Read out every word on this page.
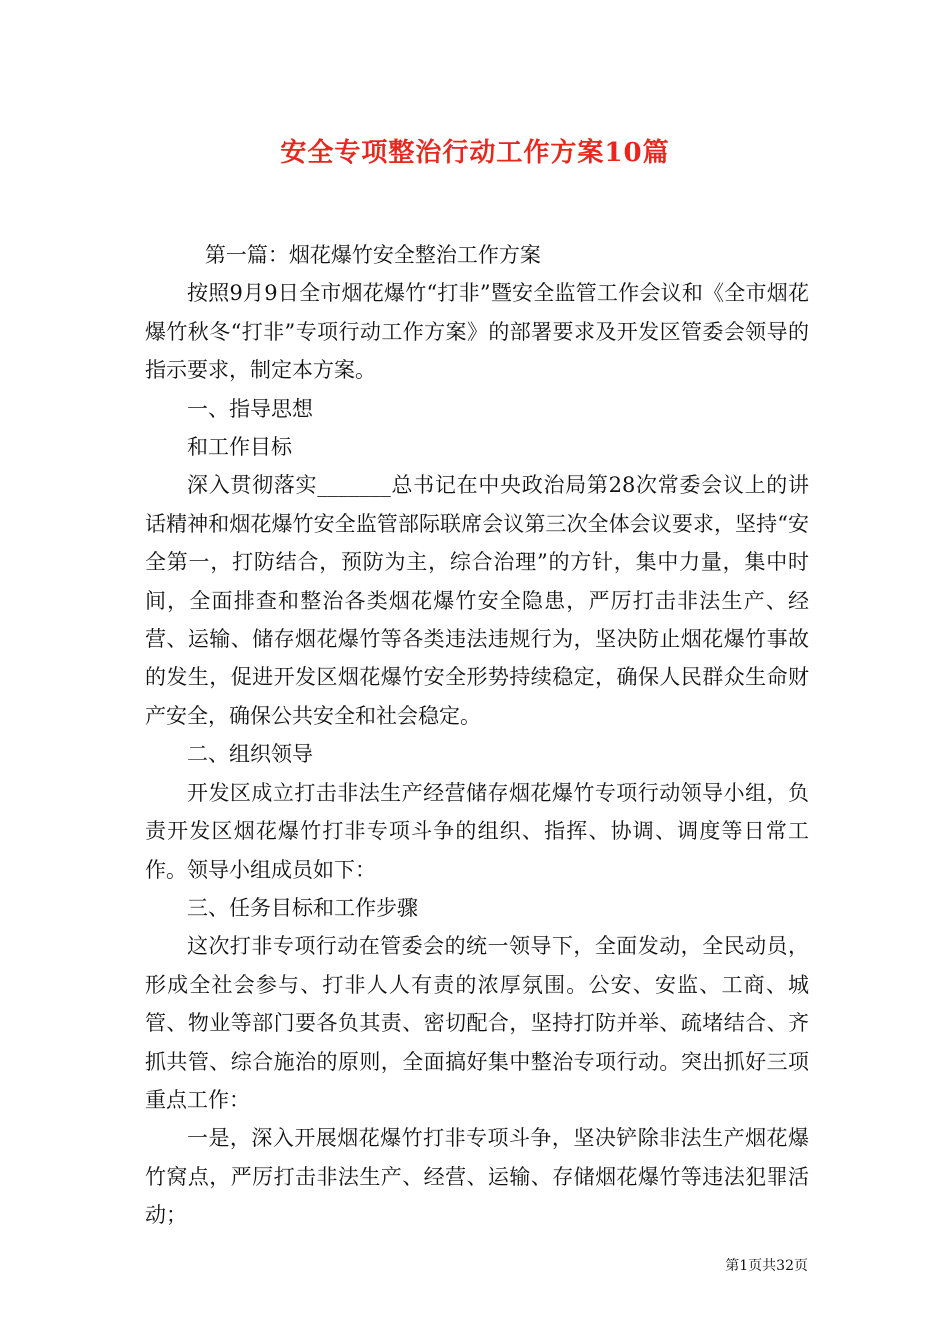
安全专项整治行动工作方案10篇

第一篇：烟花爆竹安全整治工作方案

按照9月9日全市烟花爆竹“打非”暨安全监管工作会议和《全市烟花爆竹秋冬“打非”专项行动工作方案》的部署要求及开发区管委会领导的指示要求，制定本方案。

一、指导思想

和工作目标

深入贯彻落实_______总书记在中央政治局第28次常委会议上的讲话精神和烟花爆竹安全监管部际联席会议第三次全体会议要求，坚持“安全第一，打防结合，预防为主，综合治理”的方针，集中力量，集中时间，全面排查和整治各类烟花爆竹安全隐患，严厉打击非法生产、经营、运输、储存烟花爆竹等各类违法违规行为，坚决防止烟花爆竹事故的发生，促进开发区烟花爆竹安全形势持续稳定，确保人民群众生命财产安全，确保公共安全和社会稳定。

二、组织领导

开发区成立打击非法生产经营储存烟花爆竹专项行动领导小组，负责开发区烟花爆竹打非专项斗争的组织、指挥、协调、调度等日常工作。领导小组成员如下：

三、任务目标和工作步骤

这次打非专项行动在管委会的统一领导下，全面发动，全民动员，形成全社会参与、打非人人有责的浓厚氛围。公安、安监、工商、城管、物业等部门要各负其责、密切配合，坚持打防并举、疏堵结合、齐抓共管、综合施治的原则，全面搞好集中整治专项行动。突出抓好三项重点工作：

一是，深入开展烟花爆竹打非专项斗争，坚决铲除非法生产烟花爆竹窝点，严厉打击非法生产、经营、运输、存储烟花爆竹等违法犯罪活动；

第1页共32页
